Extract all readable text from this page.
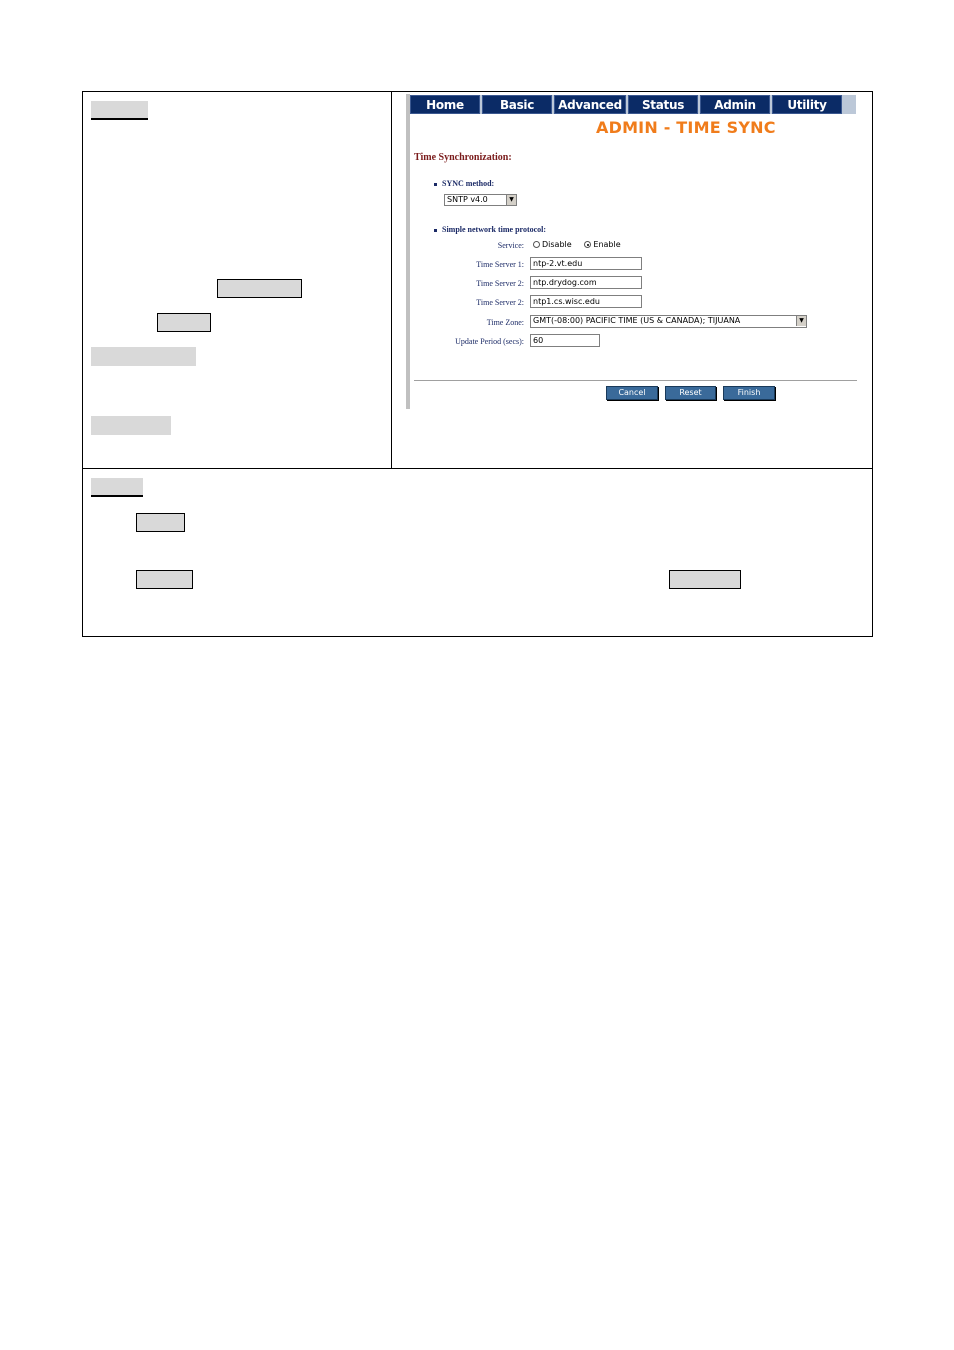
Home	Basic	Advanced	Status	Admin	Utility
ADMIN - TIME SYNC
Time Synchronization:
SYNC method:
SNTP v4.0	▼
Simple network time protocol:
Service:	Disable	Enable
Time Server 1:	ntp-2.vt.edu
Time Server 2:	ntp.drydog.com
Time Server 2:	ntp1.cs.wisc.edu
Time Zone:	GMT(-08:00) PACIFIC TIME (US & CANADA); TIJUANA	▼
Update Period (secs):	60
Cancel	Reset	Finish
